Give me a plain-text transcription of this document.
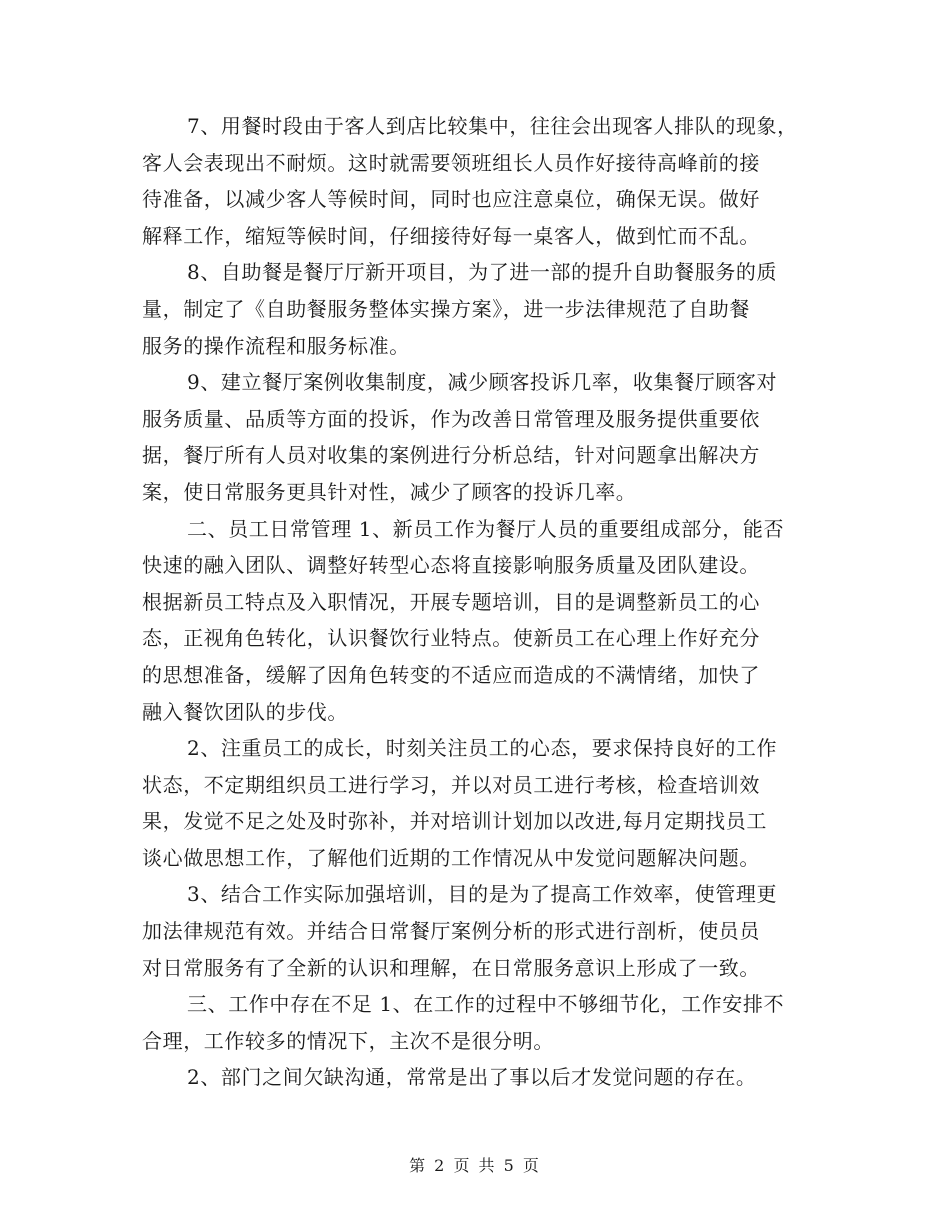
7、用餐时段由于客人到店比较集中，往往会出现客人排队的现象，
客人会表现出不耐烦。这时就需要领班组长人员作好接待高峰前的接
待准备，以减少客人等候时间，同时也应注意桌位，确保无误。做好
解释工作，缩短等候时间，仔细接待好每一桌客人，做到忙而不乱。
8、自助餐是餐厅厅新开项目，为了进一部的提升自助餐服务的质
量，制定了《自助餐服务整体实操方案》，进一步法律规范了自助餐
服务的操作流程和服务标准。
9、建立餐厅案例收集制度，减少顾客投诉几率，收集餐厅顾客对
服务质量、品质等方面的投诉，作为改善日常管理及服务提供重要依
据，餐厅所有人员对收集的案例进行分析总结，针对问题拿出解决方
案，使日常服务更具针对性，减少了顾客的投诉几率。
二、员工日常管理 1、新员工作为餐厅人员的重要组成部分，能否
快速的融入团队、调整好转型心态将直接影响服务质量及团队建设。
根据新员工特点及入职情况，开展专题培训，目的是调整新员工的心
态，正视角色转化，认识餐饮行业特点。使新员工在心理上作好充分
的思想准备，缓解了因角色转变的不适应而造成的不满情绪，加快了
融入餐饮团队的步伐。
2、注重员工的成长，时刻关注员工的心态，要求保持良好的工作
状态，不定期组织员工进行学习，并以对员工进行考核，检查培训效
果，发觉不足之处及时弥补，并对培训计划加以改进,每月定期找员工
谈心做思想工作，了解他们近期的工作情况从中发觉问题解决问题。
3、结合工作实际加强培训，目的是为了提高工作效率，使管理更
加法律规范有效。并结合日常餐厅案例分析的形式进行剖析，使员员
对日常服务有了全新的认识和理解，在日常服务意识上形成了一致。
三、工作中存在不足 1、在工作的过程中不够细节化，工作安排不
合理，工作较多的情况下，主次不是很分明。
2、部门之间欠缺沟通，常常是出了事以后才发觉问题的存在。
第 2 页 共 5 页
